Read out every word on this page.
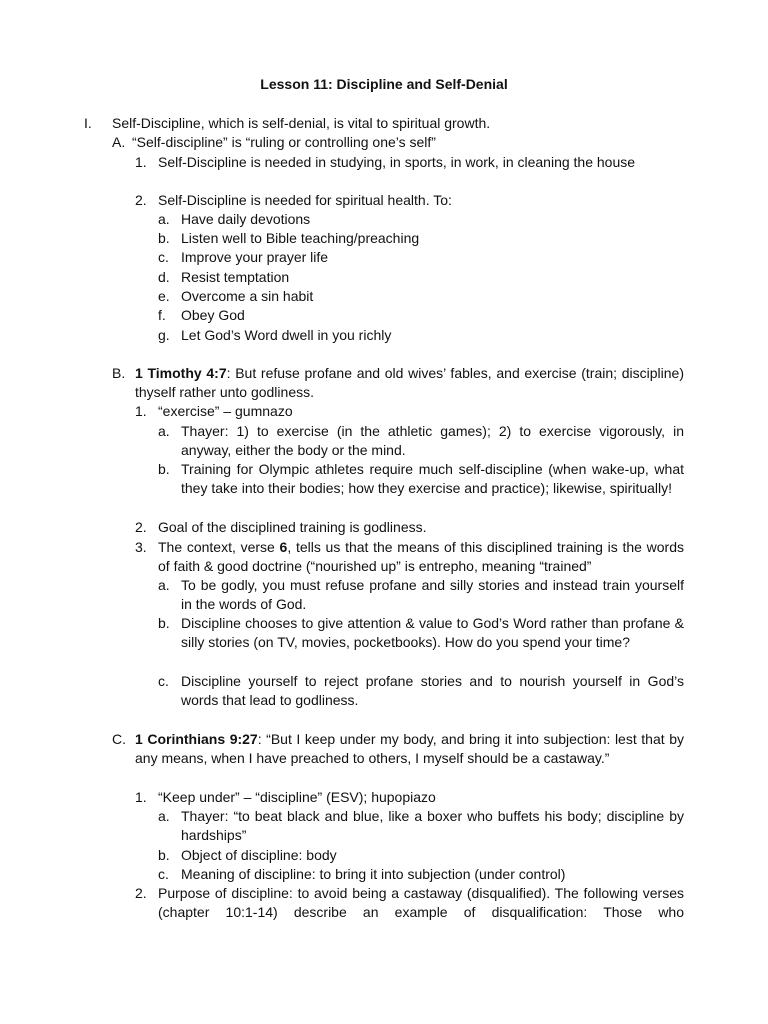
Lesson 11: Discipline and Self-Denial
I.	Self-Discipline, which is self-denial, is vital to spiritual growth.
A. “Self-discipline” is “ruling or controlling one’s self”
1. Self-Discipline is needed in studying, in sports, in work, in cleaning the house
2. Self-Discipline is needed for spiritual health. To:
a. Have daily devotions
b. Listen well to Bible teaching/preaching
c. Improve your prayer life
d. Resist temptation
e. Overcome a sin habit
f.	Obey God
g. Let God’s Word dwell in you richly
B. 1 Timothy 4:7: But refuse profane and old wives’ fables, and exercise (train; discipline) thyself rather unto godliness.
1. “exercise” – gumnazo
a. Thayer: 1) to exercise (in the athletic games); 2) to exercise vigorously, in anyway, either the body or the mind.
b. Training for Olympic athletes require much self-discipline (when wake-up, what they take into their bodies; how they exercise and practice); likewise, spiritually!
2. Goal of the disciplined training is godliness.
3. The context, verse 6, tells us that the means of this disciplined training is the words of faith & good doctrine (“nourished up” is entrepho, meaning “trained”
a. To be godly, you must refuse profane and silly stories and instead train yourself in the words of God.
b. Discipline chooses to give attention & value to God’s Word rather than profane & silly stories (on TV, movies, pocketbooks). How do you spend your time?
c. Discipline yourself to reject profane stories and to nourish yourself in God’s words that lead to godliness.
C. 1 Corinthians 9:27: “But I keep under my body, and bring it into subjection: lest that by any means, when I have preached to others, I myself should be a castaway.”
1. “Keep under” – “discipline” (ESV); hupopiazo
a. Thayer: “to beat black and blue, like a boxer who buffets his body; discipline by hardships”
b. Object of discipline: body
c. Meaning of discipline: to bring it into subjection (under control)
2. Purpose of discipline: to avoid being a castaway (disqualified). The following verses (chapter 10:1-14) describe an example of disqualification: Those who
